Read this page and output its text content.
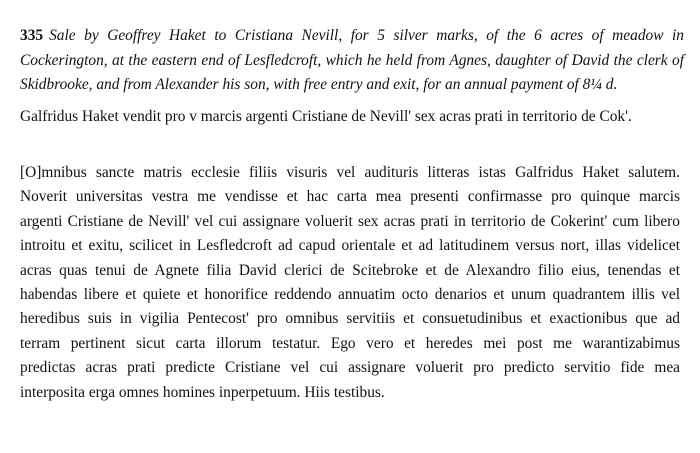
335 Sale by Geoffrey Haket to Cristiana Nevill, for 5 silver marks, of the 6 acres of meadow in Cockerington, at the eastern end of Lesfledcroft, which he held from Agnes, daughter of David the clerk of Skidbrooke, and from Alexander his son, with free entry and exit, for an annual payment of 8¼ d.
Galfridus Haket vendit pro v marcis argenti Cristiane de Nevill' sex acras prati in territorio de Cok'.
[O]mnibus sancte matris ecclesie filiis visuris vel audituris litteras istas Galfridus Haket salutem.
Noverit universitas vestra me vendisse et hac carta mea presenti confirmasse pro quinque marcis
argenti Cristiane de Nevill' vel cui assignare voluerit sex acras prati in territorio de Cokerint' cum libero
introitu et exitu, scilicet in Lesfledcroft ad capud orientale et ad latitudinem versus nort, illas videlicet
acras quas tenui de Agnete filia David clerici de Scitebroke et de Alexandro filio eius, tenendas et
habendas libere et quiete et honorifice reddendo annuatim octo denarios et unum quadrantem illis vel
heredibus suis in vigilia Pentecost' pro omnibus servitiis et consuetudinibus et exactionibus que ad
terram pertinent sicut carta illorum testatur. Ego vero et heredes mei post me warantizabimus
predictas acras prati predicte Cristiane vel cui assignare voluerit pro predicto servitio fide mea
interposita erga omnes homines inperpetuum. Hiis testibus.
